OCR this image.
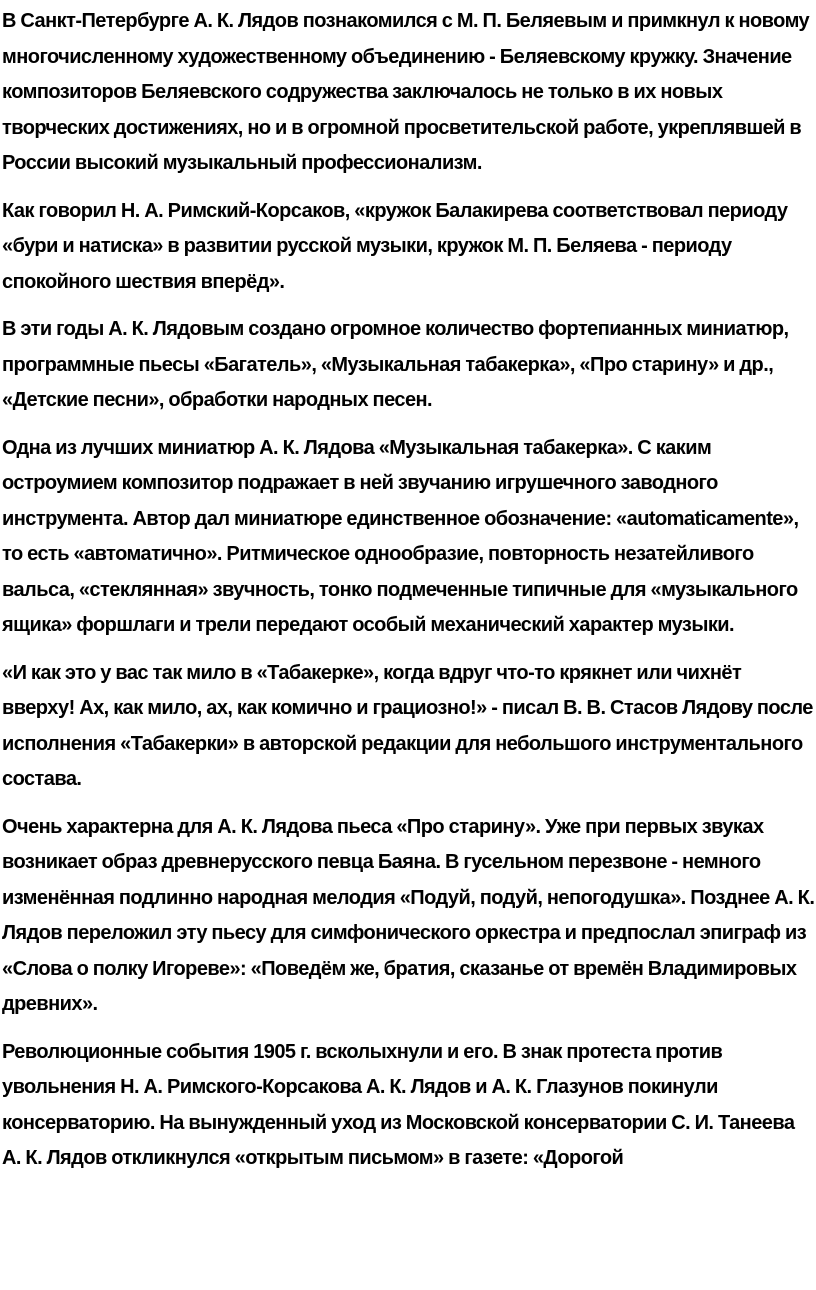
В Санкт-Петербурге А. К. Лядов познакомился с М. П. Беляевым и примкнул к новому многочисленному художественному объединению - Беляевскому кружку. Значение композиторов Беляевского содружества заключалось не только в их новых творческих достижениях, но и в огромной просветительской работе, укреплявшей в России высокий музыкальный профессионализм.

Как говорил Н. А. Римский-Корсаков, «кружок Балакирева соответствовал периоду «бури и натиска» в развитии русской музыки, кружок М. П. Беляева - периоду спокойного шествия вперёд».

В эти годы А. К. Лядовым создано огромное количество фортепианных миниатюр, программные пьесы «Багатель», «Музыкальная табакерка», «Про старину» и др., «Детские песни», обработки народных песен.

Одна из лучших миниатюр А. К. Лядова «Музыкальная табакерка». С каким остроумием композитор подражает в ней звучанию игрушечного заводного инструмента. Автор дал миниатюре единственное обозначение: «automaticamente», то есть «автоматично». Ритмическое однообразие, повторность незатейливого вальса, «стеклянная» звучность, тонко подмеченные типичные для «музыкального ящика» форшлаги и трели передают особый механический характер музыки.

«И как это у вас так мило в «Табакерке», когда вдруг что-то крякнет или чихнёт вверху! Ах, как мило, ах, как комично и грациозно!» - писал В. В. Стасов Лядову после исполнения «Табакерки» в авторской редакции для небольшого инструментального состава.

Очень характерна для А. К. Лядова пьеса «Про старину». Уже при первых звуках возникает образ древнерусского певца Баяна. В гусельном перезвоне - немного изменённая подлинно народная мелодия «Подуй, подуй, непогодушка». Позднее А. К. Лядов переложил эту пьесу для симфонического оркестра и предпослал эпиграф из «Слова о полку Игореве»: «Поведём же, братия, сказанье от времён Владимировых древних».

Революционные события 1905 г. всколыхнули и его. В знак протеста против увольнения Н. А. Римского-Корсакова А. К. Лядов и А. К. Глазунов покинули консерваторию. На вынужденный уход из Московской консерватории С. И. Танеева А. К. Лядов откликнулся «открытым письмом» в газете: «Дорогой
